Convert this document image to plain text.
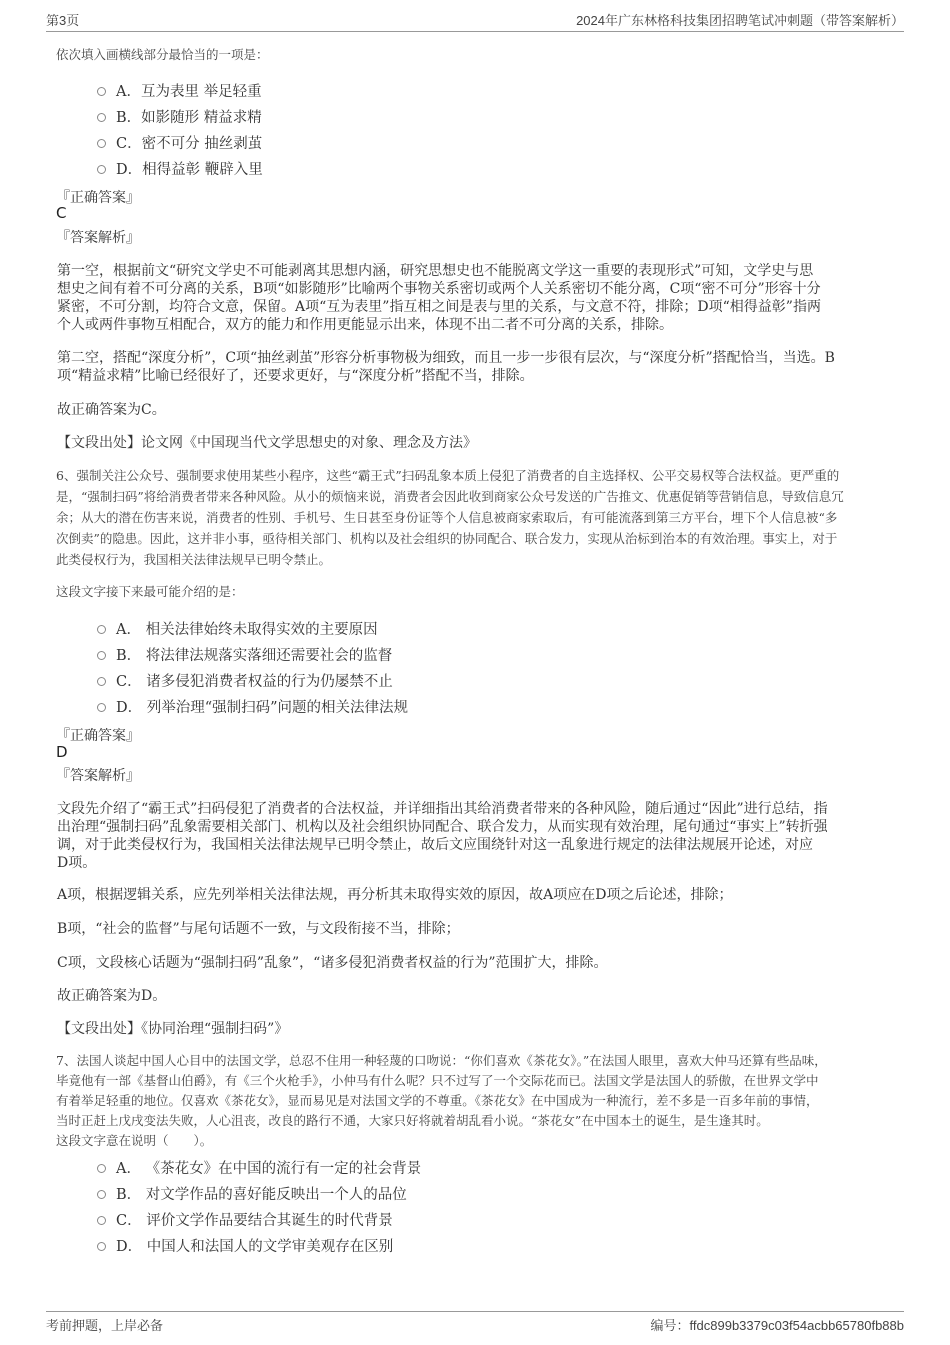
第3页	2024年广东林格科技集团招聘笔试冲刺题（带答案解析）
依次填入画横线部分最恰当的一项是：
A．互为表里 举足轻重
B．如影随形 精益求精
C．密不可分 抽丝剥茧
D．相得益彰 鞭辟入里
『正确答案』
C
『答案解析』
第一空，根据前文“研究文学史不可能剥离其思想内涵，研究思想史也不能脱离文学这一重要的表现形式”可知，文学史与思
想史之间有着不可分离的关系，B项“如影随形”比喻两个事物关系密切或两个人关系密切不能分离，C项“密不可分”形容十分
紧密，不可分割，均符合文意，保留。A项“互为表里”指互相之间是表与里的关系，与文意不符，排除；D项“相得益彰”指两
个人或两件事物互相配合，双方的能力和作用更能显示出来，体现不出二者不可分离的关系，排除。
第二空，搭配“深度分析”，C项“抽丝剥茧”形容分析事物极为细致，而且一步一步很有层次，与“深度分析”搭配恰当，当选。B
项“精益求精”比喻已经很好了，还要求更好，与“深度分析”搭配不当，排除。
故正确答案为C。
【文段出处】论文网《中国现当代文学思想史的对象、理念及方法》
6、强制关注公众号、强制要求使用某些小程序，这些“霸王式”扫码乱象本质上侵犯了消费者的自主选择权、公平交易权等合法权益。更严重的
是，“强制扫码”将给消费者带来各种风险。从小的烦恼来说，消费者会因此收到商家公众号发送的广告推文、优惠促销等营销信息，导致信息冗
余；从大的潜在伤害来说，消费者的性别、手机号、生日甚至身份证等个人信息被商家索取后，有可能流落到第三方平台，埋下个人信息被“多
次倒卖”的隐患。因此，这并非小事，亟待相关部门、机构以及社会组织的协同配合、联合发力，实现从治标到治本的有效治理。事实上，对于
此类侵权行为，我国相关法律法规早已明令禁止。
这段文字接下来最可能介绍的是：
A． 相关法律始终未取得实效的主要原因
B． 将法律法规落实落细还需要社会的监督
C． 诸多侵犯消费者权益的行为仍屡禁不止
D． 列举治理“强制扫码”问题的相关法律法规
『正确答案』
D
『答案解析』
文段先介绍了“霸王式”扫码侵犯了消费者的合法权益，并详细指出其给消费者带来的各种风险，随后通过“因此”进行总结，指
出治理“强制扫码”乱象需要相关部门、机构以及社会组织协同配合、联合发力，从而实现有效治理，尾句通过“事实上”转折强
调，对于此类侵权行为，我国相关法律法规早已明令禁止，故后文应围绕针对这一乱象进行规定的法律法规展开论述，对应
D项。
A项，根据逻辑关系，应先列举相关法律法规，再分析其未取得实效的原因，故A项应在D项之后论述，排除；
B项，“社会的监督”与尾句话题不一致，与文段衔接不当，排除；
C项，文段核心话题为“强制扫码”乱象”，“诸多侵犯消费者权益的行为”范围扩大，排除。
故正确答案为D。
【文段出处】《协同治理“强制扫码”》
7、法国人谈起中国人心目中的法国文学，总忍不住用一种轻蔑的口吻说：“你们喜欢《茶花女》。”在法国人眼里，喜欢大仲马还算有些品味，
毕竟他有一部《基督山伯爵》，有《三个火枪手》，小仲马有什么呢？只不过写了一个交际花而已。法国文学是法国人的骄傲，在世界文学中
有着举足轻重的地位。仅喜欢《茶花女》，显而易见是对法国文学的不尊重。《茶花女》在中国成为一种流行，差不多是一百多年前的事情，
当时正赶上戊戌变法失败，人心沮丧，改良的路行不通，大家只好将就着胡乱看小说。“茶花女”在中国本土的诞生，是生逢其时。
这段文字意在说明（　　）。
A． 《茶花女》在中国的流行有一定的社会背景
B． 对文学作品的喜好能反映出一个人的品位
C． 评价文学作品要结合其诞生的时代背景
D． 中国人和法国人的文学审美观存在区别
考前押题，上岸必备	编号：ffdc899b3379c03f54acbb65780fb88b
